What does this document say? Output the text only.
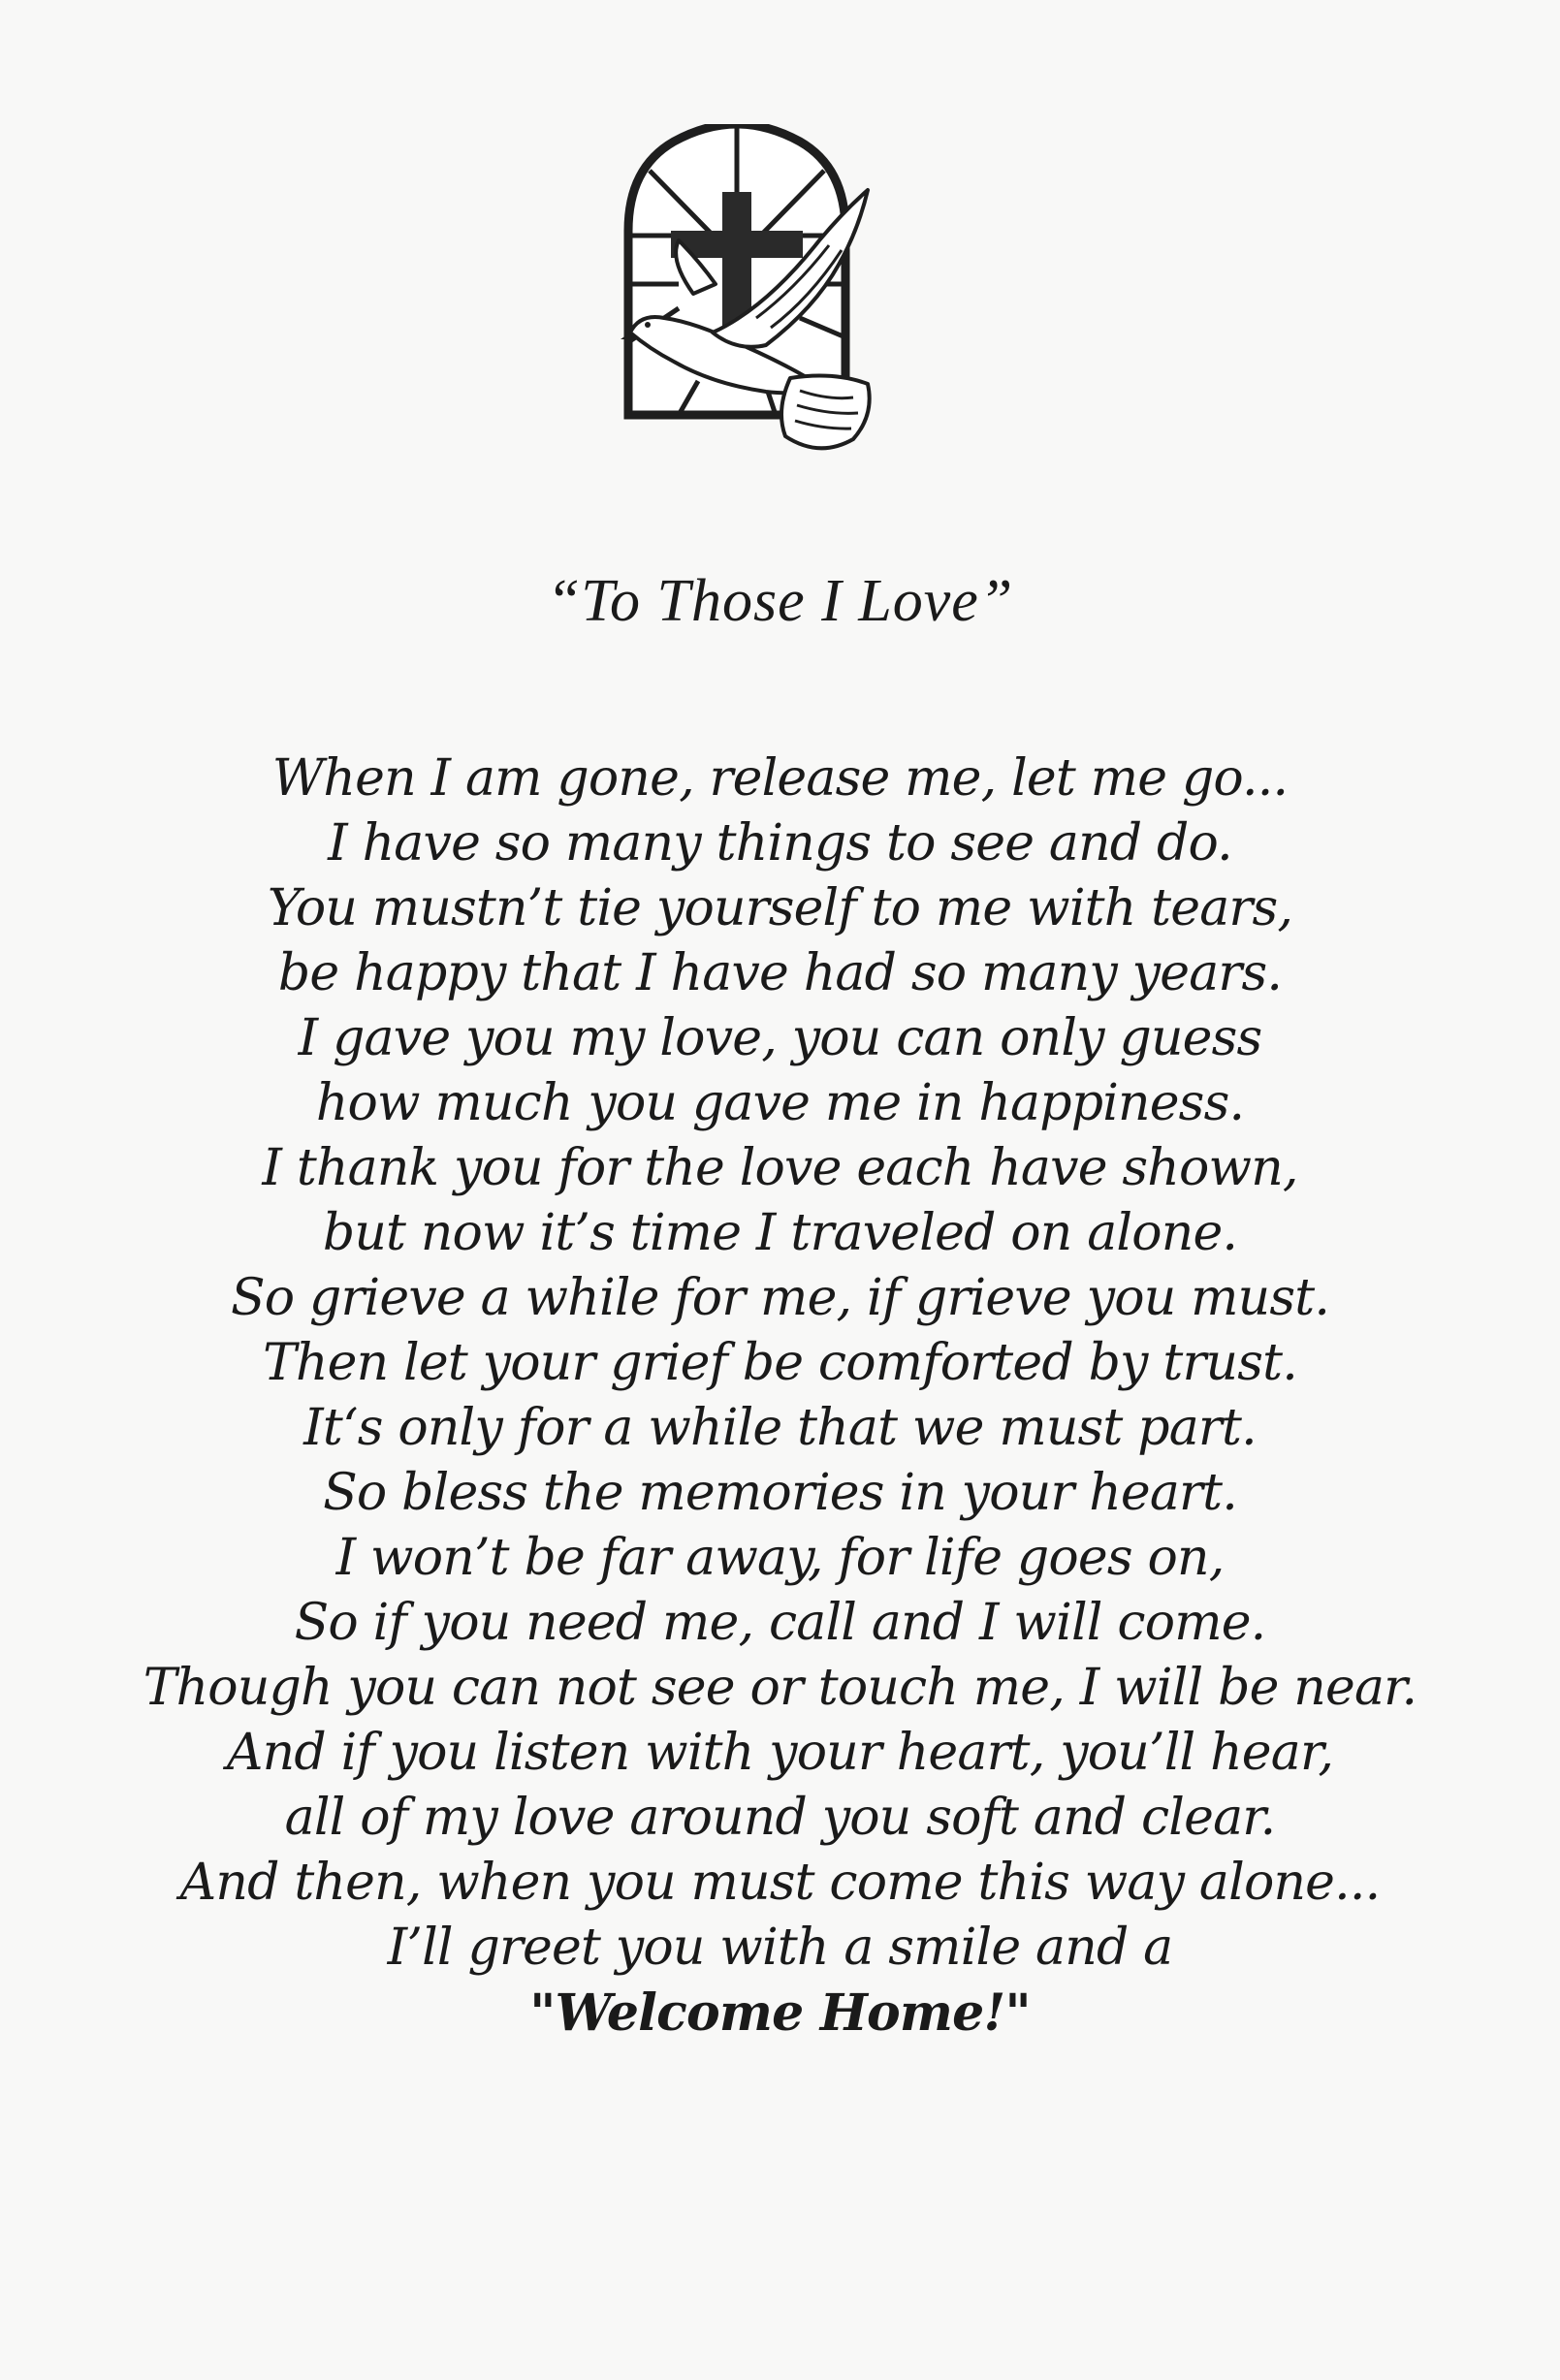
“To Those I Love”
When I am gone, release me, let me go...
I have so many things to see and do.
You mustn’t tie yourself to me with tears,
be happy that I have had so many years.
I gave you my love, you can only guess
how much you gave me in happiness.
I thank you for the love each have shown,
but now it’s time I traveled on alone.
So grieve a while for me, if grieve you must.
Then let your grief be comforted by trust.
It‘s only for a while that we must part.
So bless the memories in your heart.
I won’t be far away, for life goes on,
So if you need me, call and I will come.
Though you can not see or touch me, I will be near.
And if you listen with your heart, you’ll hear,
all of my love around you soft and clear.
And then, when you must come this way alone...
I’ll greet you with a smile and a
"Welcome Home!"
